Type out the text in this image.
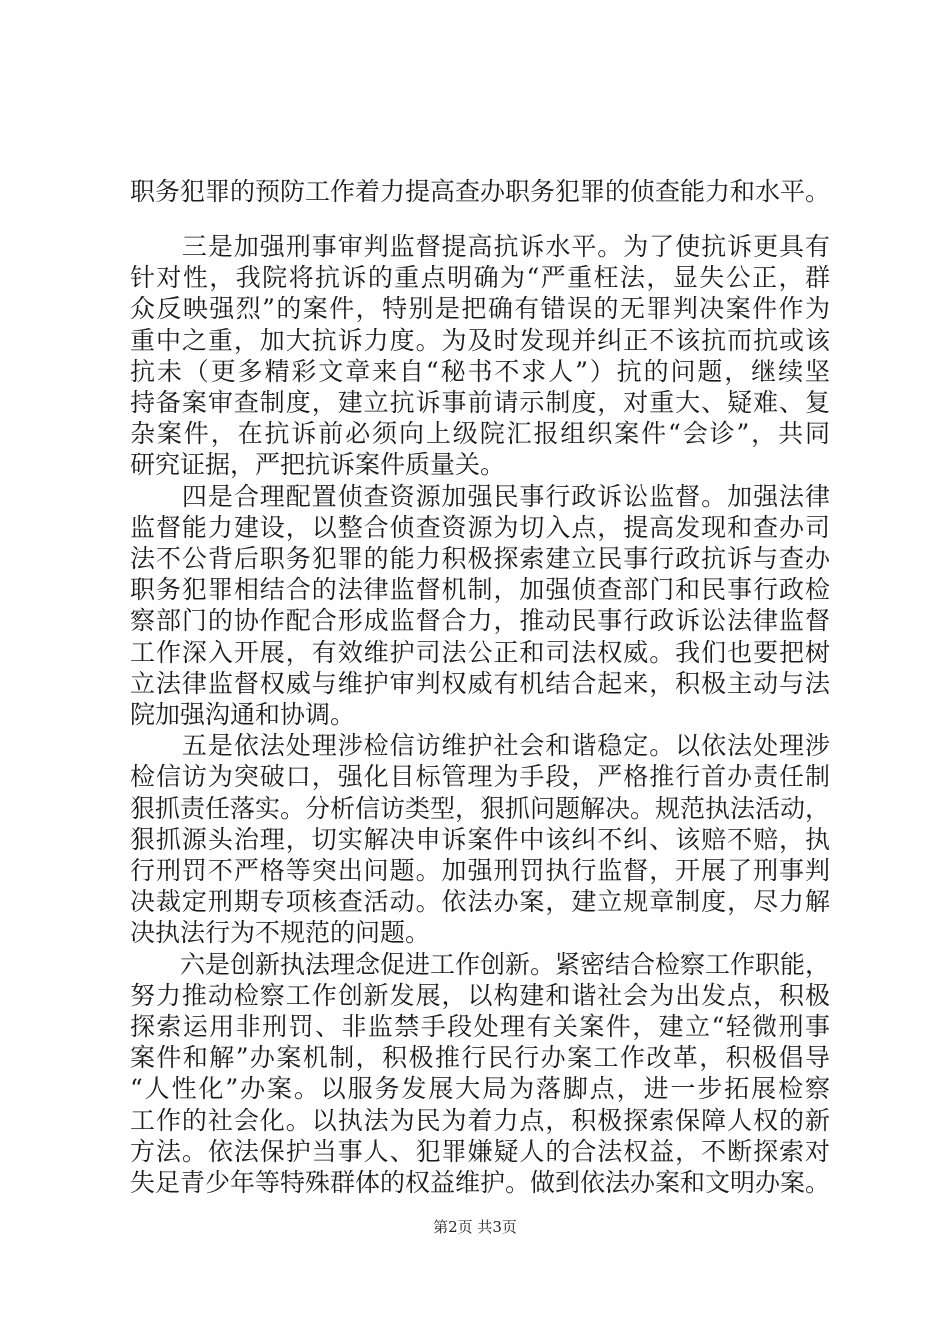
职务犯罪的预防工作着力提高查办职务犯罪的侦查能力和水平。
　　三是加强刑事审判监督提高抗诉水平。为了使抗诉更具有
针对性，我院将抗诉的重点明确为“严重枉法，显失公正，群
众反映强烈”的案件，特别是把确有错误的无罪判决案件作为
重中之重，加大抗诉力度。为及时发现并纠正不该抗而抗或该
抗未（更多精彩文章来自“秘书不求人”）抗的问题，继续坚
持备案审查制度，建立抗诉事前请示制度，对重大、疑难、复
杂案件，在抗诉前必须向上级院汇报组织案件“会诊”，共同
研究证据，严把抗诉案件质量关。
　　四是合理配置侦查资源加强民事行政诉讼监督。加强法律
监督能力建设，以整合侦查资源为切入点，提高发现和查办司
法不公背后职务犯罪的能力积极探索建立民事行政抗诉与查办
职务犯罪相结合的法律监督机制，加强侦查部门和民事行政检
察部门的协作配合形成监督合力，推动民事行政诉讼法律监督
工作深入开展，有效维护司法公正和司法权威。我们也要把树
立法律监督权威与维护审判权威有机结合起来，积极主动与法
院加强沟通和协调。
　　五是依法处理涉检信访维护社会和谐稳定。以依法处理涉
检信访为突破口，强化目标管理为手段，严格推行首办责任制
狠抓责任落实。分析信访类型，狠抓问题解决。规范执法活动，
狠抓源头治理，切实解决申诉案件中该纠不纠、该赔不赔，执
行刑罚不严格等突出问题。加强刑罚执行监督，开展了刑事判
决裁定刑期专项核查活动。依法办案，建立规章制度，尽力解
决执法行为不规范的问题。
　　六是创新执法理念促进工作创新。紧密结合检察工作职能，
努力推动检察工作创新发展，以构建和谐社会为出发点，积极
探索运用非刑罚、非监禁手段处理有关案件，建立“轻微刑事
案件和解”办案机制，积极推行民行办案工作改革，积极倡导
“人性化”办案。以服务发展大局为落脚点，进一步拓展检察
工作的社会化。以执法为民为着力点，积极探索保障人权的新
方法。依法保护当事人、犯罪嫌疑人的合法权益，不断探索对
失足青少年等特殊群体的权益维护。做到依法办案和文明办案。
第2页 共3页
